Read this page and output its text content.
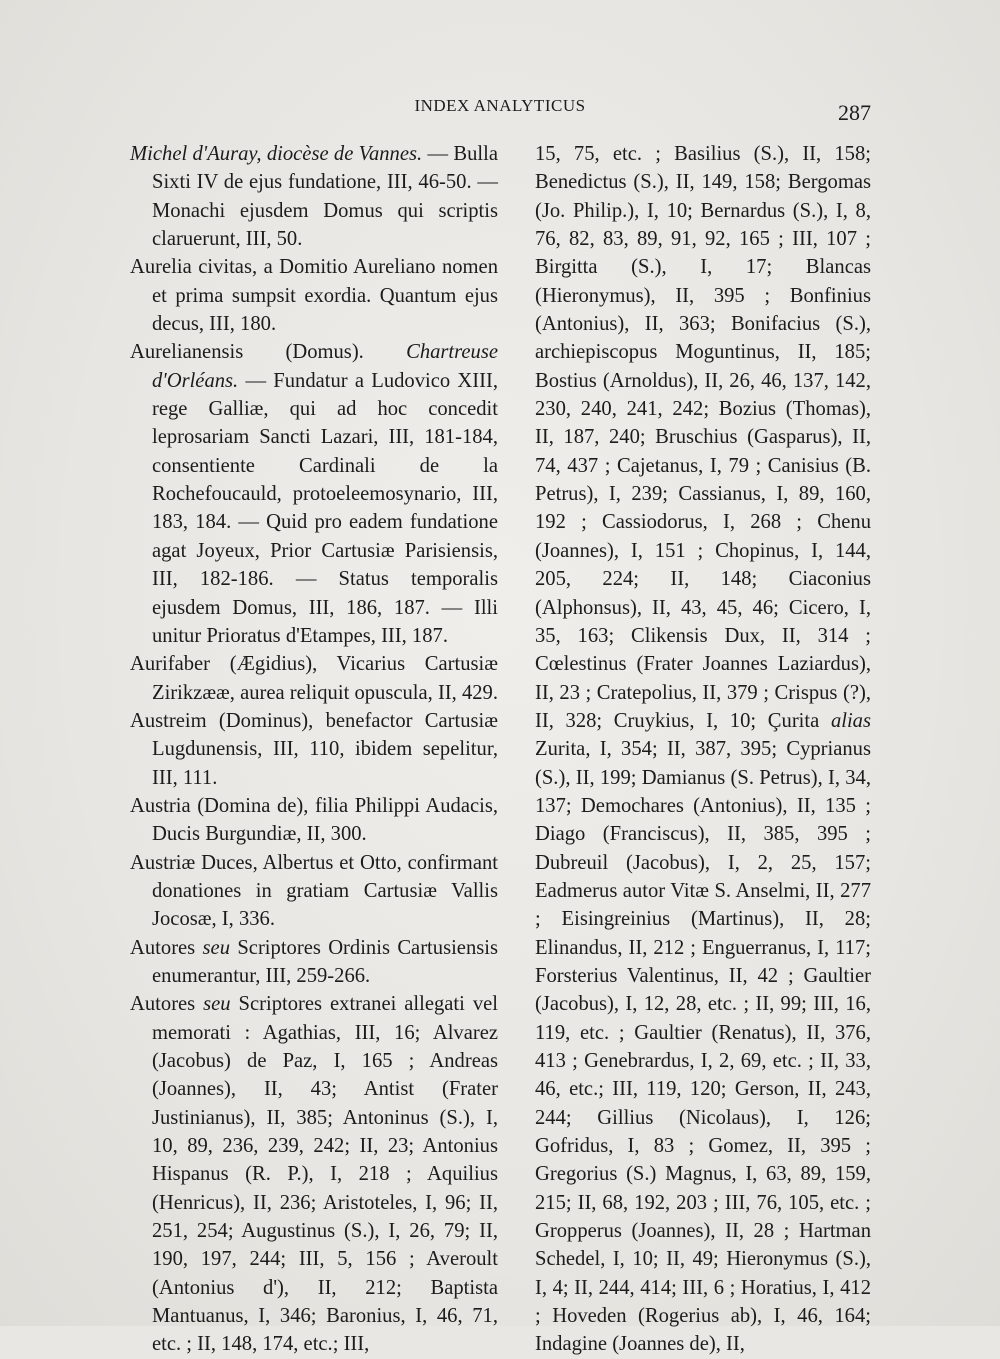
INDEX ANALYTICUS	287

Michel d'Auray, diocèse de Vannes. — Bulla Sixti IV de ejus fundatione, III, 46-50. — Monachi ejusdem Domus qui scriptis claruerunt, III, 50.

Aurelia civitas, a Domitio Aureliano nomen et prima sumpsit exordia. Quantum ejus decus, III, 180.

Aurelianensis (Domus). Chartreuse d'Orléans. — Fundatur a Ludovico XIII, rege Galliæ, qui ad hoc concedit leprosariam Sancti Lazari, III, 181-184, consentiente Cardinali de la Rochefoucauld, protoeleemosynario, III, 183, 184. — Quid pro eadem fundatione agat Joyeux, Prior Cartusiæ Parisiensis, III, 182-186. — Status temporalis ejusdem Domus, III, 186, 187. — Illi unitur Prioratus d'Etampes, III, 187.

Aurifaber (Ægidius), Vicarius Cartusiæ Zirikzææ, aurea reliquit opuscula, II, 429.

Austreim (Dominus), benefactor Cartusiæ Lugdunensis, III, 110, ibidem sepelitur, III, 111.

Austria (Domina de), filia Philippi Audacis, Ducis Burgundiæ, II, 300.

Austriæ Duces, Albertus et Otto, confirmant donationes in gratiam Cartusiæ Vallis Jocosæ, I, 336.

Autores seu Scriptores Ordinis Cartusiensis enumerantur, III, 259-266.

Autores seu Scriptores extranei allegati vel memorati : Agathias, III, 16; Alvarez (Jacobus) de Paz, I, 165 ; Andreas (Joannes), II, 43; Antist (Frater Justinianus), II, 385; Antoninus (S.), I, 10, 89, 236, 239, 242; II, 23; Antonius Hispanus (R. P.), I, 218 ; Aquilius (Henricus), II, 236; Aristoteles, I, 96; II, 251, 254; Augustinus (S.), I, 26, 79; II, 190, 197, 244; III, 5, 156 ; Averoult (Antonius d'), II, 212; Baptista Mantuanus, I, 346; Baronius, I, 46, 71, etc. ; II, 148, 174, etc.; III,

15, 75, etc. ; Basilius (S.), II, 158; Benedictus (S.), II, 149, 158; Bergomas (Jo. Philip.), I, 10; Bernardus (S.), I, 8, 76, 82, 83, 89, 91, 92, 165 ; III, 107 ; Birgitta (S.), I, 17; Blancas (Hieronymus), II, 395 ; Bonfinius (Antonius), II, 363; Bonifacius (S.), archiepiscopus Moguntinus, II, 185; Bostius (Arnoldus), II, 26, 46, 137, 142, 230, 240, 241, 242; Bozius (Thomas), II, 187, 240; Bruschius (Gasparus), II, 74, 437 ; Cajetanus, I, 79 ; Canisius (B. Petrus), I, 239; Cassianus, I, 89, 160, 192 ; Cassiodorus, I, 268 ; Chenu (Joannes), I, 151 ; Chopinus, I, 144, 205, 224; II, 148; Ciaconius (Alphonsus), II, 43, 45, 46; Cicero, I, 35, 163; Clikensis Dux, II, 314 ; Cœlestinus (Frater Joannes Laziardus), II, 23 ; Cratepolius, II, 379 ; Crispus (?), II, 328; Cruykius, I, 10; Çurita alias Zurita, I, 354; II, 387, 395; Cyprianus (S.), II, 199; Damianus (S. Petrus), I, 34, 137; Demochares (Antonius), II, 135 ; Diago (Franciscus), II, 385, 395 ; Dubreuil (Jacobus), I, 2, 25, 157; Eadmerus autor Vitæ S. Anselmi, II, 277 ; Eisingreinius (Martinus), II, 28; Elinandus, II, 212 ; Enguerranus, I, 117; Forsterius Valentinus, II, 42 ; Gaultier (Jacobus), I, 12, 28, etc. ; II, 99; III, 16, 119, etc. ; Gaultier (Renatus), II, 376, 413 ; Genebrardus, I, 2, 69, etc. ; II, 33, 46, etc.; III, 119, 120; Gerson, II, 243, 244; Gillius (Nicolaus), I, 126; Gofridus, I, 83 ; Gomez, II, 395 ; Gregorius (S.) Magnus, I, 63, 89, 159, 215; II, 68, 192, 203 ; III, 76, 105, etc. ; Gropperus (Joannes), II, 28 ; Hartman Schedel, I, 10; II, 49; Hieronymus (S.), I, 4; II, 244, 414; III, 6 ; Horatius, I, 412 ; Hoveden (Rogerius ab), I, 46, 164; Indagine (Joannes de), II,
